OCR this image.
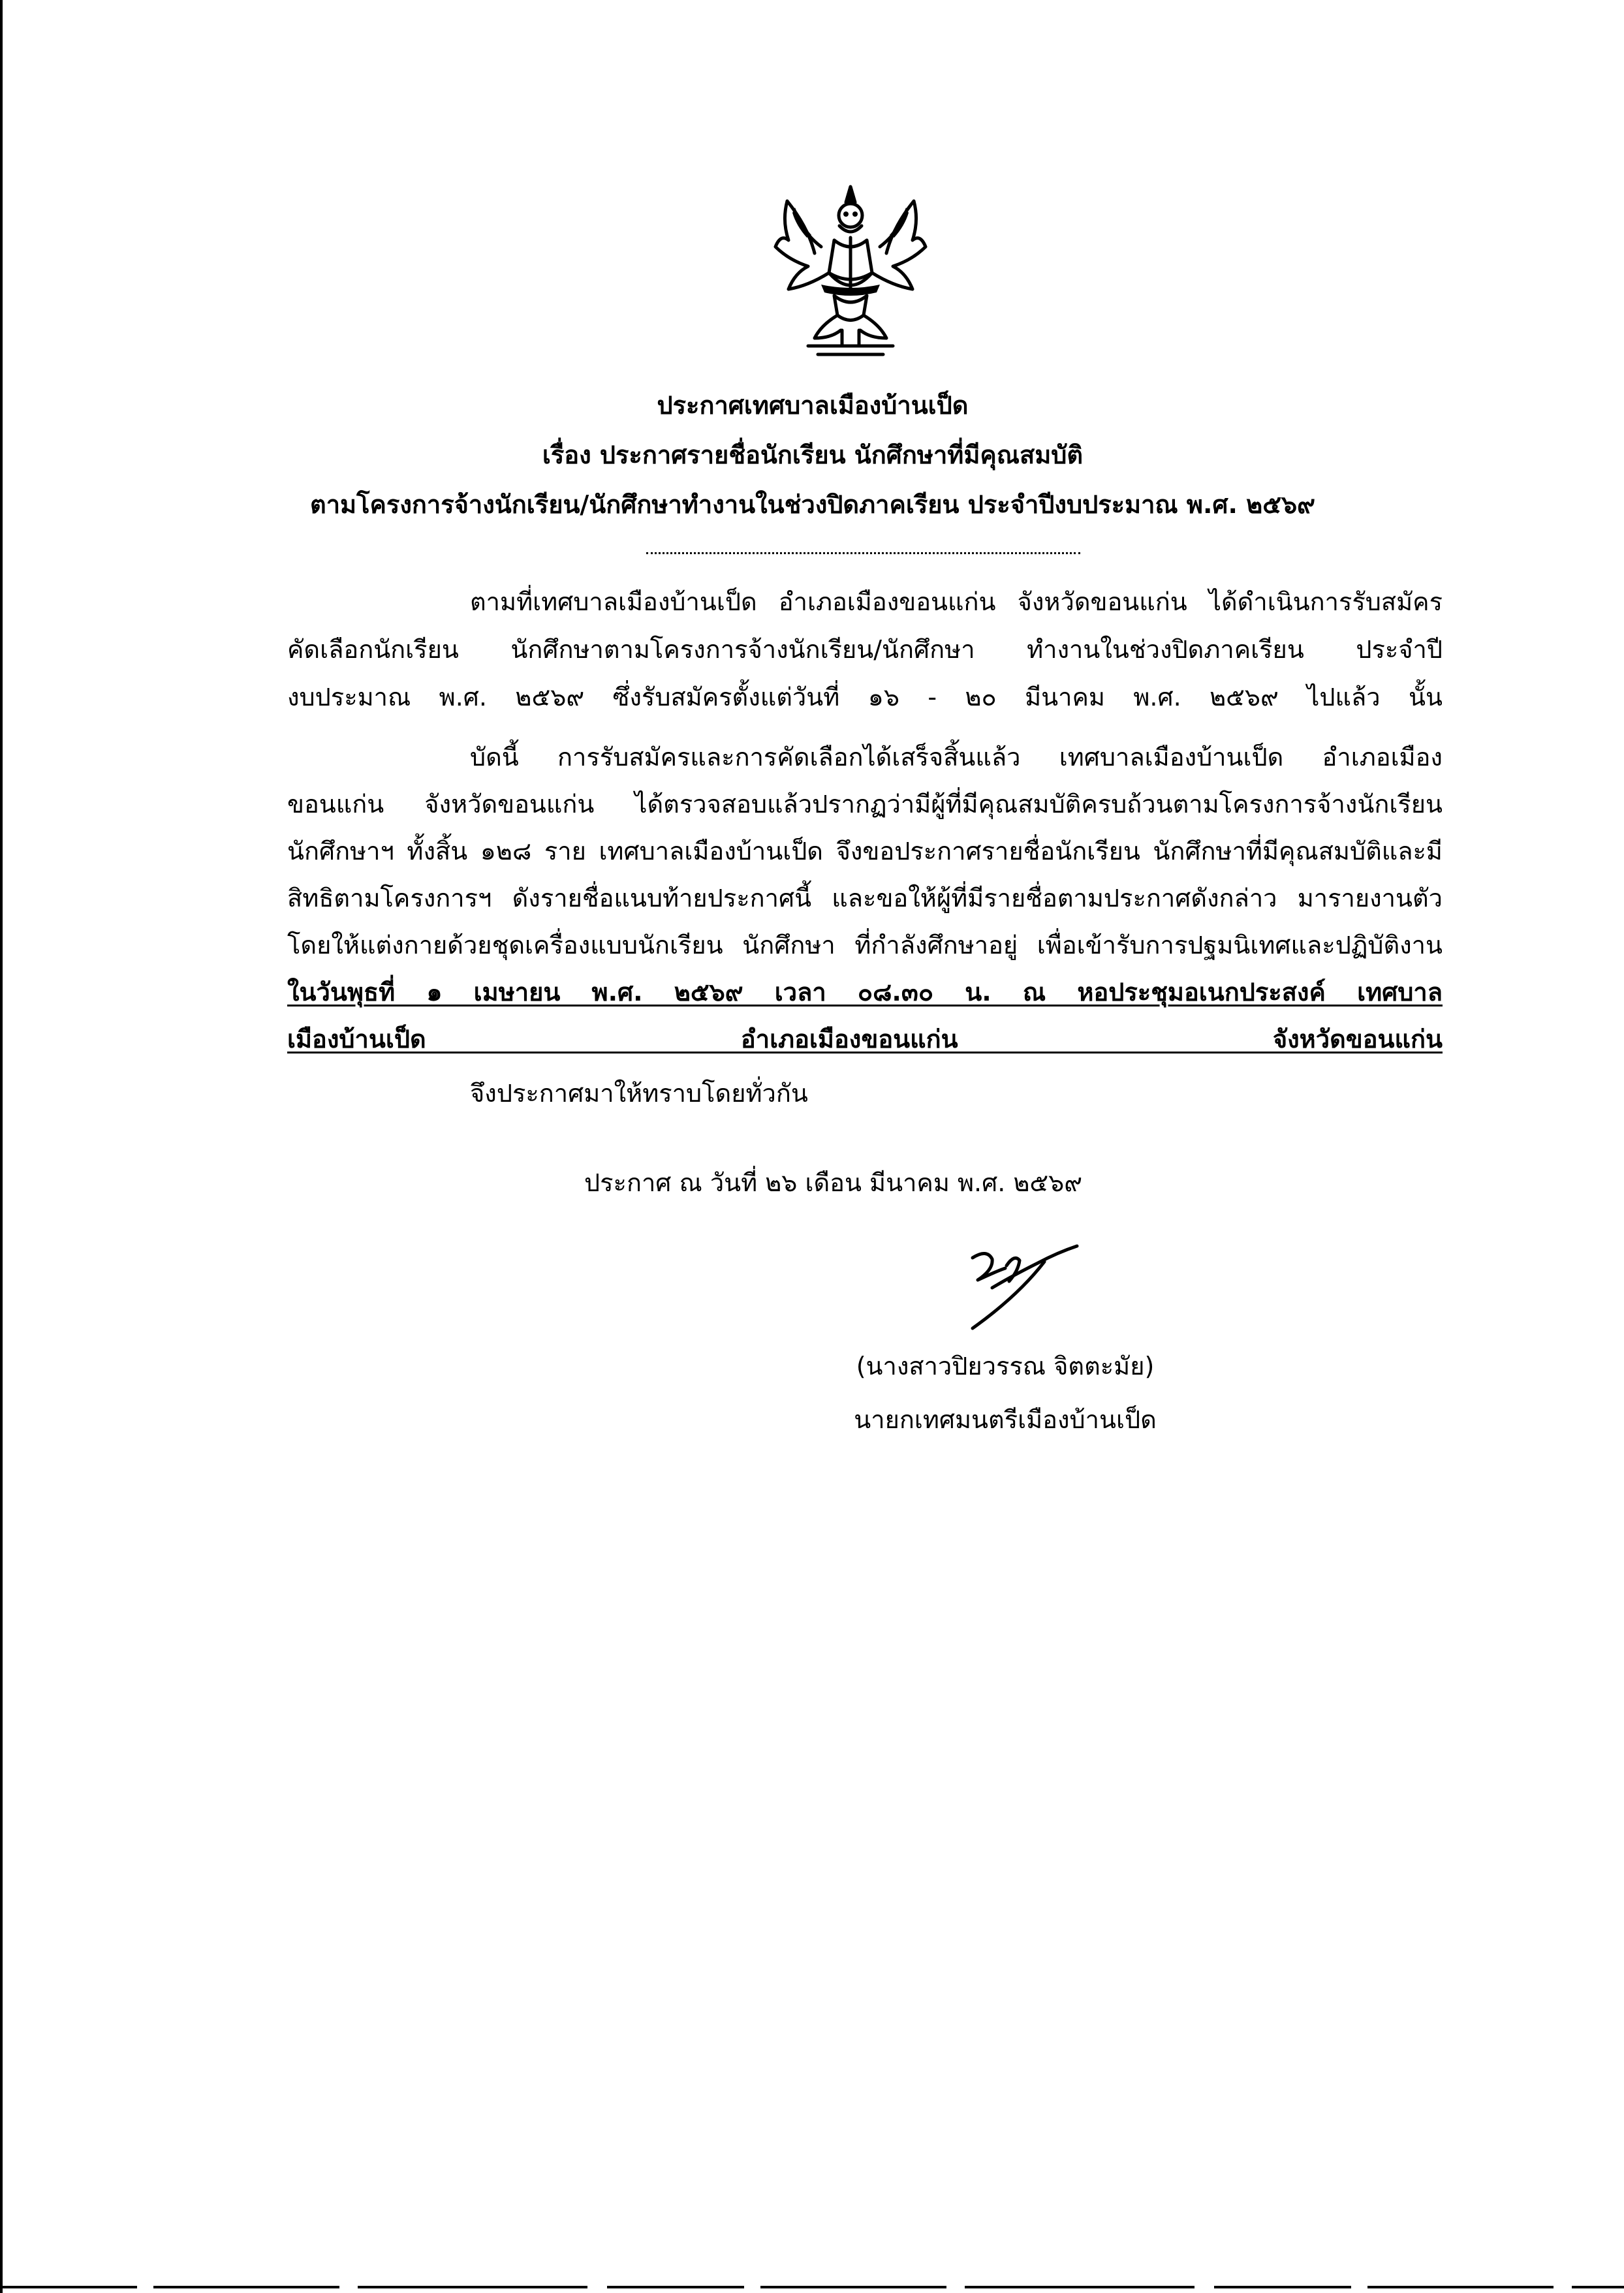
ประกาศเทศบาลเมืองบ้านเป็ด
เรื่อง ประกาศรายชื่อนักเรียน นักศึกษาที่มีคุณสมบัติ
ตามโครงการจ้างนักเรียน/นักศึกษาทำงานในช่วงปิดภาคเรียน ประจำปีงบประมาณ พ.ศ. ๒๕๖๙
ตามที่เทศบาลเมืองบ้านเป็ด อำเภอเมืองขอนแก่น จังหวัดขอนแก่น ได้ดำเนินการรับสมัคร
คัดเลือกนักเรียน นักศึกษาตามโครงการจ้างนักเรียน/นักศึกษา ทำงานในช่วงปิดภาคเรียน ประจำปี
งบประมาณ พ.ศ. ๒๕๖๙ ซึ่งรับสมัครตั้งแต่วันที่ ๑๖ - ๒๐ มีนาคม พ.ศ. ๒๕๖๙ ไปแล้ว นั้น
บัดนี้ การรับสมัครและการคัดเลือกได้เสร็จสิ้นแล้ว เทศบาลเมืองบ้านเป็ด อำเภอเมือง
ขอนแก่น จังหวัดขอนแก่น ได้ตรวจสอบแล้วปรากฏว่ามีผู้ที่มีคุณสมบัติครบถ้วนตามโครงการจ้างนักเรียน
นักศึกษาฯ ทั้งสิ้น ๑๒๘ ราย เทศบาลเมืองบ้านเป็ด จึงขอประกาศรายชื่อนักเรียน นักศึกษาที่มีคุณสมบัติและมี
สิทธิตามโครงการฯ ดังรายชื่อแนบท้ายประกาศนี้ และขอให้ผู้ที่มีรายชื่อตามประกาศดังกล่าว มารายงานตัว
โดยให้แต่งกายด้วยชุดเครื่องแบบนักเรียน นักศึกษา ที่กำลังศึกษาอยู่ เพื่อเข้ารับการปฐมนิเทศและปฏิบัติงาน
ในวันพุธที่ ๑ เมษายน พ.ศ. ๒๕๖๙ เวลา ๐๘.๓๐ น. ณ หอประชุมอเนกประสงค์ เทศบาล
เมืองบ้านเป็ด อำเภอเมืองขอนแก่น จังหวัดขอนแก่น
จึงประกาศมาให้ทราบโดยทั่วกัน
ประกาศ ณ วันที่ ๒๖ เดือน มีนาคม พ.ศ. ๒๕๖๙
(นางสาวปิยวรรณ จิตตะมัย)
นายกเทศมนตรีเมืองบ้านเป็ด
